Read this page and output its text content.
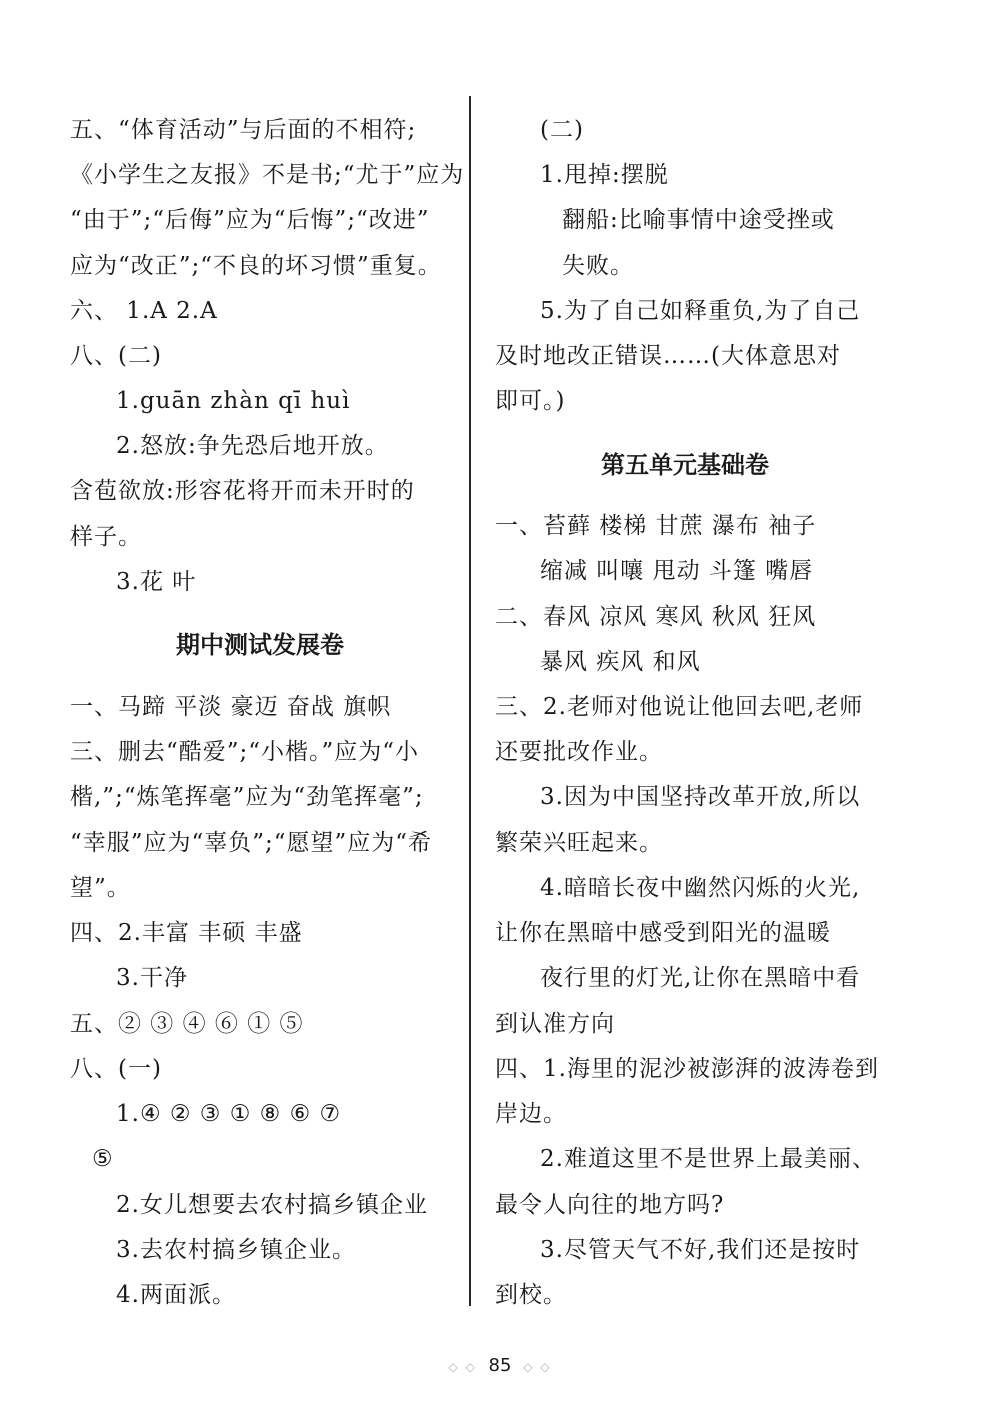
五、“体育活动”与后面的不相符;
《小学生之友报》不是书;“尤于”应为
“由于”;“后侮”应为“后悔”;“改进”
应为“改正”;“不良的坏习惯”重复。
六、 1.A 2.A
八、(二)
1.guān zhàn qī huì
2.怒放:争先恐后地开放。
含苞欲放:形容花将开而未开时的
样子。
3.花 叶
期中测试发展卷
一、马蹄 平淡 豪迈 奋战 旗帜
三、删去“酷爱”;“小楷。”应为“小
楷,”;“炼笔挥毫”应为“劲笔挥毫”;
“幸服”应为“辜负”;“愿望”应为“希
望”。
四、2.丰富 丰硕 丰盛
3.干净
五、② ③ ④ ⑥ ① ⑤
八、(一)
1.④ ② ③ ① ⑧ ⑥ ⑦
⑤
2.女儿想要去农村搞乡镇企业
3.去农村搞乡镇企业。
4.两面派。
(二)
1.甩掉:摆脱
翻船:比喻事情中途受挫或
失败。
5.为了自己如释重负,为了自己
及时地改正错误……(大体意思对
即可。)
第五单元基础卷
一、苔藓 楼梯 甘蔗 瀑布 袖子
缩减 叫嚷 甩动 斗篷 嘴唇
二、春风 凉风 寒风 秋风 狂风
暴风 疾风 和风
三、2.老师对他说让他回去吧,老师
还要批改作业。
3.因为中国坚持改革开放,所以
繁荣兴旺起来。
4.暗暗长夜中幽然闪烁的火光,
让你在黑暗中感受到阳光的温暖
夜行里的灯光,让你在黑暗中看
到认准方向
四、1.海里的泥沙被澎湃的波涛卷到
岸边。
2.难道这里不是世界上最美丽、
最令人向往的地方吗?
3.尽管天气不好,我们还是按时
到校。
◇ ◇ 85 ◇ ◇
